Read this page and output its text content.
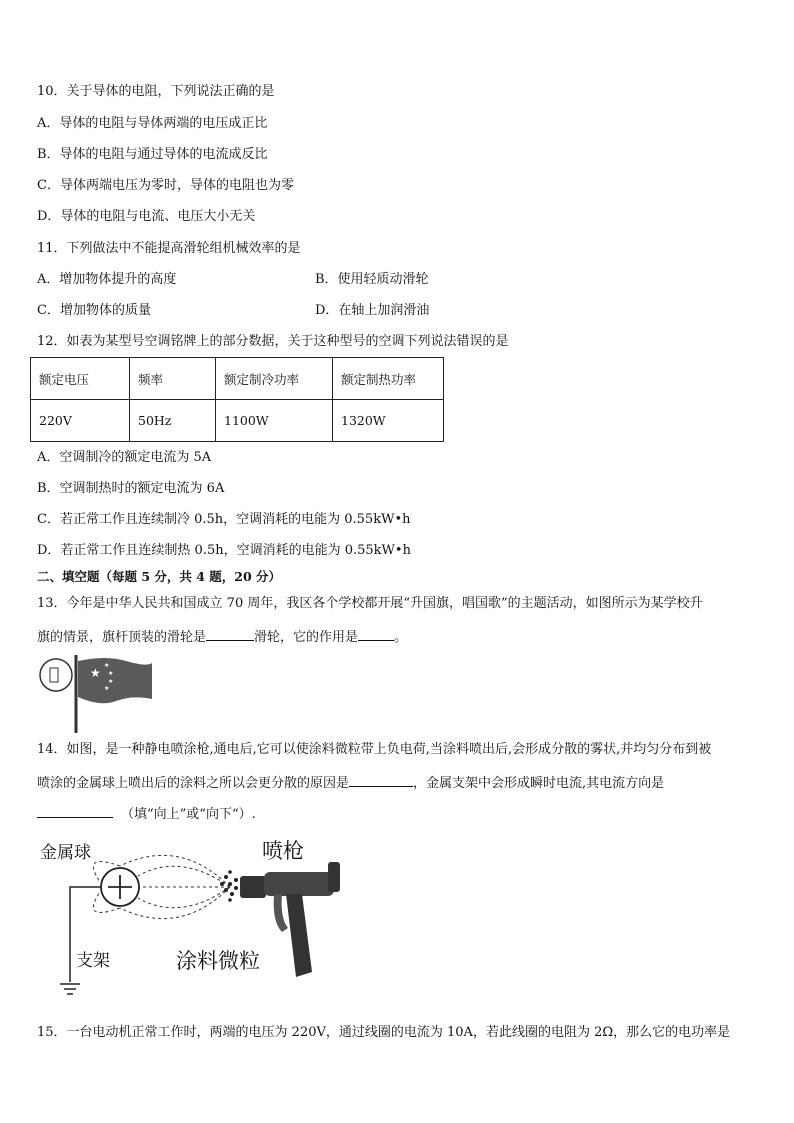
10．关于导体的电阻，下列说法正确的是
A．导体的电阻与导体两端的电压成正比
B．导体的电阻与通过导体的电流成反比
C．导体两端电压为零时，导体的电阻也为零
D．导体的电阻与电流、电压大小无关
11．下列做法中不能提高滑轮组机械效率的是
A．增加物体提升的高度	B．使用轻质动滑轮
C．增加物体的质量	D．在轴上加润滑油
12．如表为某型号空调铭牌上的部分数据，关于这种型号的空调下列说法错误的是
额定电压	频率	额定制冷功率	额定制热功率
220V	50Hz	1100W	1320W
A．空调制冷的额定电流为 5A
B．空调制热时的额定电流为 6A
C．若正常工作且连续制冷 0.5h，空调消耗的电能为 0.55kW•h
D．若正常工作且连续制热 0.5h，空调消耗的电能为 0.55kW•h
二、填空题（每题 5 分，共 4 题，20 分）
13．今年是中华人民共和国成立 70 周年，我区各个学校都开展“升国旗，唱国歌”的主题活动，如图所示为某学校升
旗的情景，旗杆顶装的滑轮是	滑轮，它的作用是	。
★
★
★
★
★
14．如图，是一种静电喷涂枪,通电后,它可以使涂料微粒带上负电荷,当涂料喷出后,会形成分散的雾状,并均匀分布到被
喷涂的金属球上喷出后的涂料之所以会更分散的原因是	，金属支架中会形成瞬时电流,其电流方向是
（填“向上”或“向下“）.
金属球	喷枪
支架	涂料微粒
15．一台电动机正常工作时，两端的电压为 220V，通过线圈的电流为 10A，若此线圈的电阻为 2Ω，那么它的电功率是
